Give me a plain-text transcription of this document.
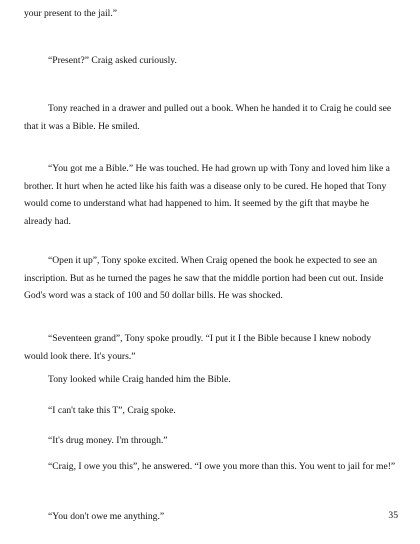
your present to the jail.”

“Present?” Craig asked curiously.

Tony reached in a drawer and pulled out a book. When he handed it to Craig he could see that it was a Bible. He smiled.

“You got me a Bible.” He was touched. He had grown up with Tony and loved him like a brother. It hurt when he acted like his faith was a disease only to be cured. He hoped that Tony would come to understand what had happened to him. It seemed by the gift that maybe he already had.

“Open it up”, Tony spoke excited. When Craig opened the book he expected to see an inscription. But as he turned the pages he saw that the middle portion had been cut out. Inside God's word was a stack of 100 and 50 dollar bills. He was shocked.

“Seventeen grand”, Tony spoke proudly. “I put it I the Bible because I knew nobody would look there. It's yours.”

Tony looked while Craig handed him the Bible.

“I can't take this T”, Craig spoke.

“It's drug money. I'm through.”

35

“Craig, I owe you this”, he answered. “I owe you more than this. You went to jail for me!”

“You don't owe me anything.”
